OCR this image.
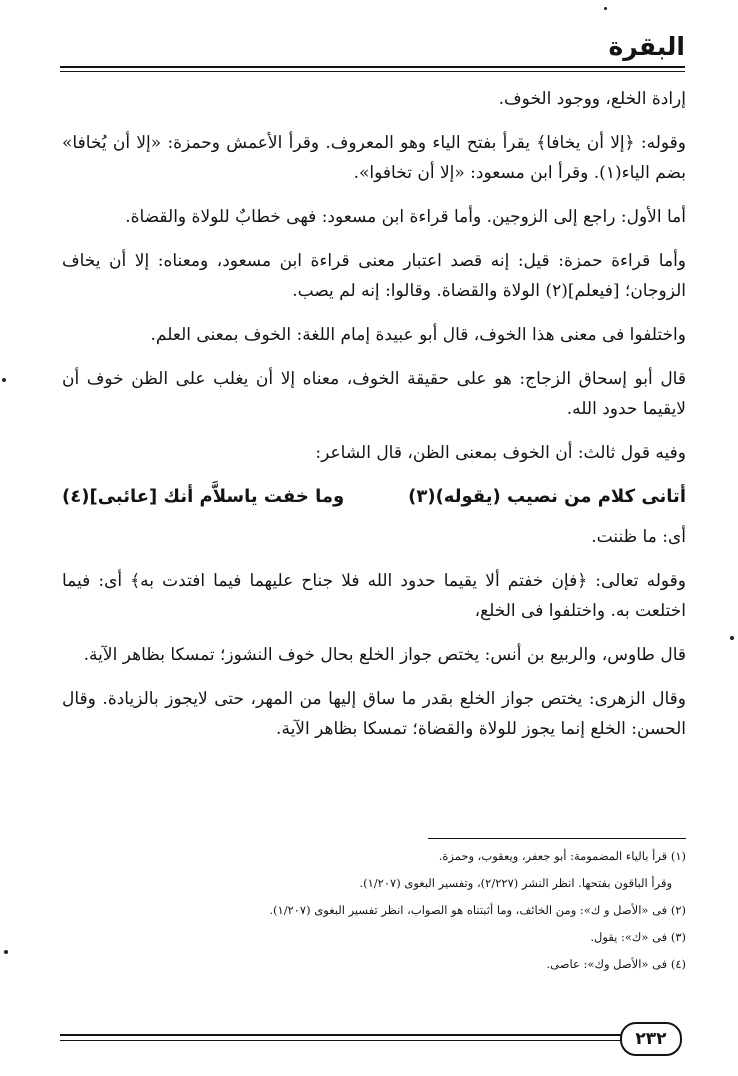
البقرة

إرادة الخلع، ووجود الخوف.

وقوله: ﴿إلا أن يخافا﴾ يقرأ بفتح الياء وهو المعروف. وقرأ الأعمش وحمزة: «إلا أن يُخافا» بضم الياء(١). وقرأ ابن مسعود: «إلا أن تخافوا».

أما الأول: راجع إلى الزوجين. وأما قراءة ابن مسعود: فهى خطابٌ للولاة والقضاة.

وأما قراءة حمزة: قيل: إنه قصد اعتبار معنى قراءة ابن مسعود، ومعناه: إلا أن يخاف الزوجان؛ [فيعلم](٢) الولاة والقضاة. وقالوا: إنه لم يصب.

واختلفوا فى معنى هذا الخوف، قال أبو عبيدة إمام اللغة: الخوف بمعنى العلم.

قال أبو إسحاق الزجاج: هو على حقيقة الخوف، معناه إلا أن يغلب على الظن خوف أن لايقيما حدود الله.

وفيه قول ثالث: أن الخوف بمعنى الظن، قال الشاعر:

أتانى كلام من نصيب (يقوله)(٣)
وما خفت ياسلاَّم أنك [عائبى](٤)

أى: ما ظننت.

وقوله تعالى: ﴿فإن خفتم ألا يقيما حدود الله فلا جناح عليهما فيما افتدت به﴾ أى: فيما اختلعت به. واختلفوا فى الخلع،

قال طاوس، والربيع بن أنس: يختص جواز الخلع بحال خوف النشوز؛ تمسكا بظاهر الآية.

وقال الزهرى: يختص جواز الخلع بقدر ما ساق إليها من المهر، حتى لايجوز بالزيادة. وقال الحسن: الخلع إنما يجوز للولاة والقضاة؛ تمسكا بظاهر الآية.

(١) قرأ بالياء المضمومة: أبو جعفر، ويعقوب، وحمزة.
وقرأ الباقون بفتحها. انظر النشر (٢/٢٢٧)، وتفسير البغوى (١/٢٠٧).
(٢) فى «الأصل و ك»: ومن الخائف، وما أثبتناه هو الصواب، انظر تفسير البغوى (١/٢٠٧).
(٣) فى «ك»: يقول.
(٤) فى «الأصل وك»: عاصى.
٢٣٢
